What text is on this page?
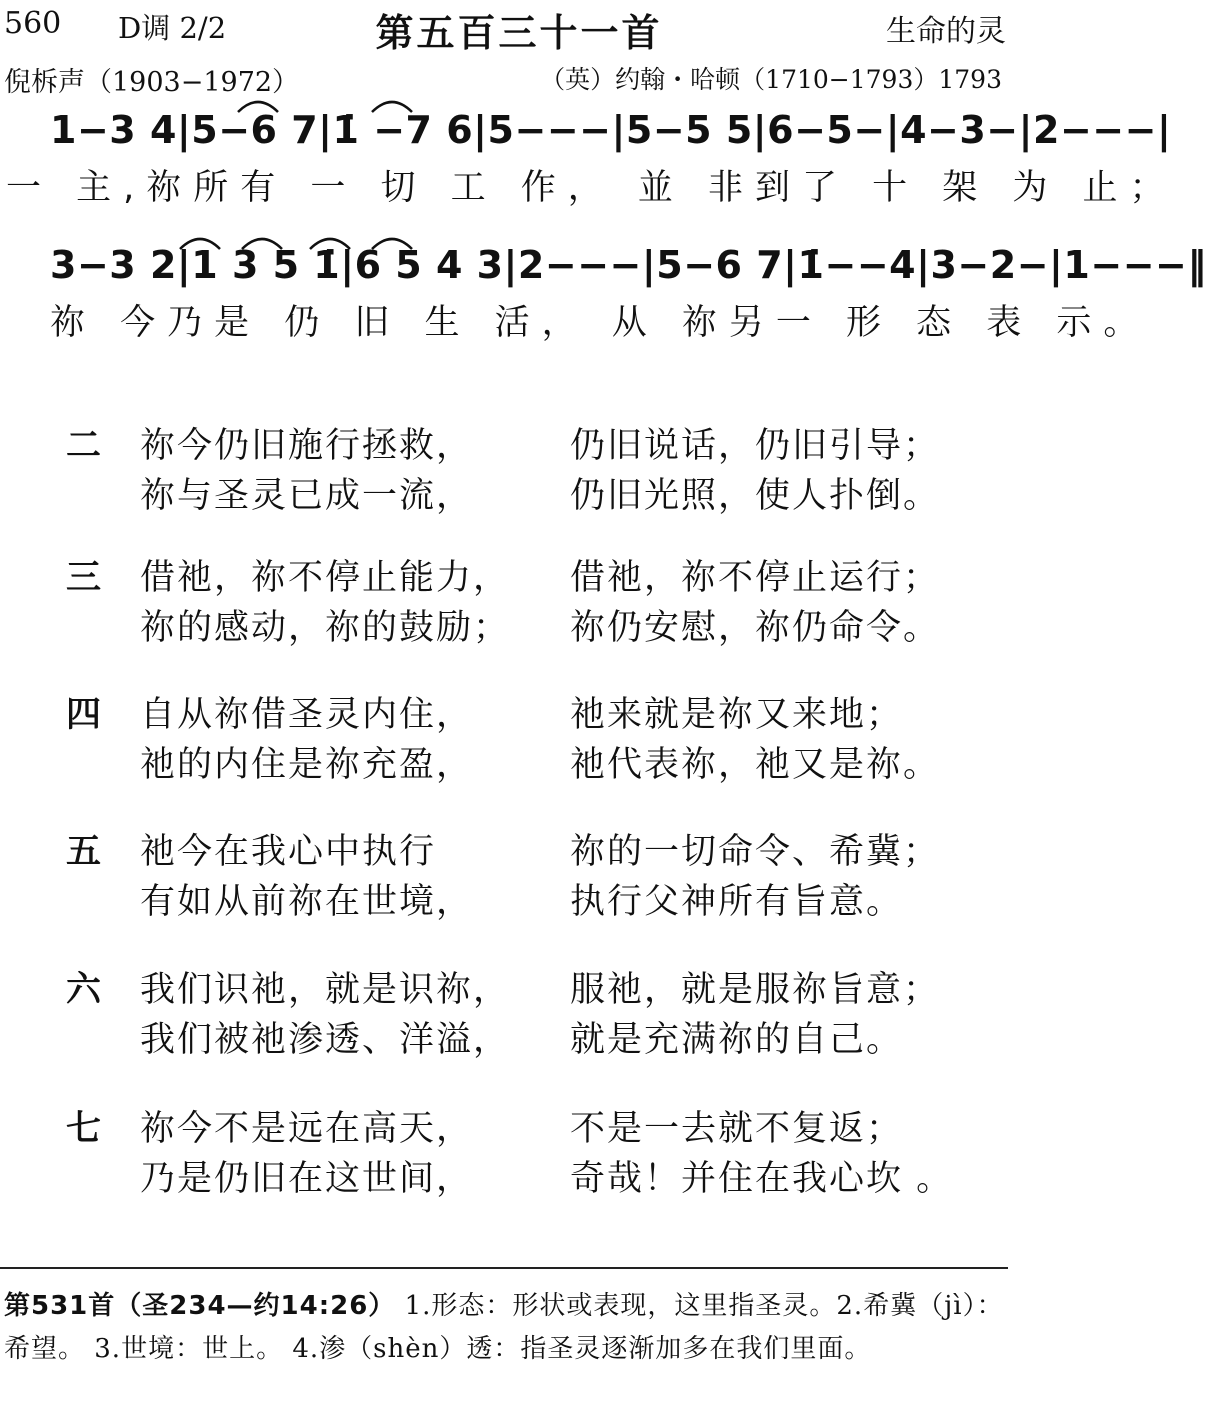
560 D调 2/2	第五百三十一首	生命的灵
倪柝声（1903−1972）	（英）约翰・哈顿（1710−1793）1793
1−3 4|5−6 7|1̇ −7 6|5−−−|5−5 5|6−5−|4−3−|2−−−|
一 主,祢所有 一 切 工 作， 並 非到了 十 架 为 止；
3−3 2|1 3 5 1̇|6 5 4 3|2−−−|5−6 7|1̇−−4|3−2−|1−−−‖
祢 今乃是 仍 旧 生 活， 从 祢另一 形 态 表 示。
二 祢今仍旧施行拯救，	仍旧说话，仍旧引导；
祢与圣灵已成一流，	仍旧光照，使人扑倒。
三 借祂，祢不停止能力， 借祂，祢不停止运行；
祢的感动，祢的鼓励； 祢仍安慰，祢仍命令。
四 自从祢借圣灵内住，	祂来就是祢又来地；
祂的内住是祢充盈，	祂代表祢，祂又是祢。
五 祂今在我心中执行	祢的一切命令、希冀；
有如从前祢在世境，	执行父神所有旨意。
六 我们识祂，就是识祢， 服祂，就是服祢旨意；
我们被祂渗透、洋溢， 就是充满祢的自己。
七 祢今不是远在高天，	不是一去就不复返；
乃是仍旧在这世间，	奇哉！并住在我心坎 。
第531首（圣234—约14:26） 1.形态：形状或表现，这里指圣灵。2.希冀（jì）：希望。 3.世境：世上。 4.渗（shèn）透：指圣灵逐渐加多在我们里面。
